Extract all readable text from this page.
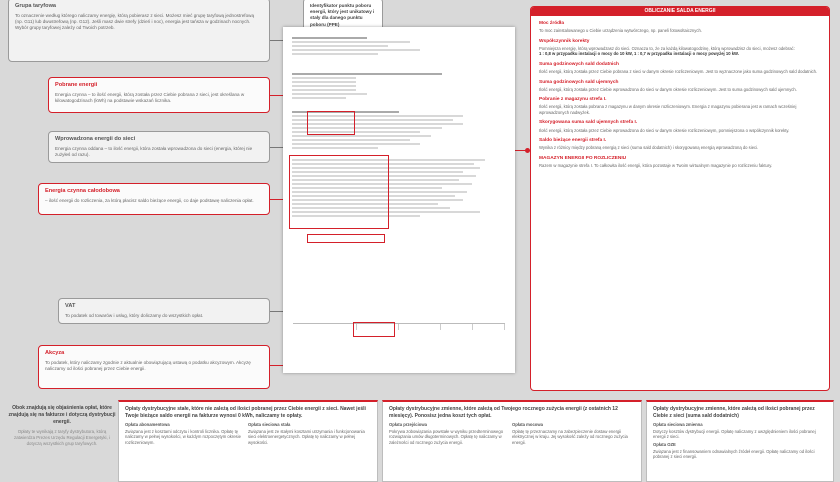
Grupa taryfowa
To oznaczenie według którego naliczamy energię, którą pobierasz z sieci. Możesz mieć grupę taryfową jednostrefową (np. G11) lub dwustrefową (np. G12). Jeśli masz dwie strefy (dzień i noc), energia jest tańsza w godzinach nocnych. Wybór grupy taryfowej zależy od Twoich potrzeb.
Pobrane energii
Energia czynna – to ilość energii, którą została przez Ciebie pobrana z sieci, jest określana w kilowatogodzinach (kWh) na podstawie wskazań licznika.
Wprowadzona energii do sieci
Energia czynna oddana – to ilość energii, która została wprowadzona do sieci (energia, której nie zużyłeś od razu).
Energia czynna całodobowa
– ilość energii do rozliczenia, za którą płacisz saldo bieżące energii, co daje podstawę naliczenia opłat.
VAT
To podatek od towarów i usług, który doliczamy do wszystkich opłat.
Akcyza
To podatek, który naliczamy zgodnie z aktualnie obowiązującą ustawą o podatku akcyzowym. Akcyzę naliczamy od ilości pobranej przez Ciebie energii.
Identyfikator punktu poboru energii, który jest unikatowy i stały dla danego punktu poboru (PPE)
OBLICZANIE SALDA ENERGII
Moc źródła
To moc zainstalowanego u Ciebie urządzenia wytwórczego, np. paneli fotowoltaicznych.
Współczynnik korekty
Pomniejsza energię, którą wprowadzasz do sieci. Oznacza to, że za każdą kilowatogodzinę, którą wprowadzisz do sieci, możesz odebrać:
1 : 0,8 w przypadku instalacji o mocy do 10 kW, 1 : 0,7 w przypadku instalacji o mocy powyżej 10 kW.
Suma godzinowych sald dodatnich
Ilość energii, którą została przez Ciebie pobrana z sieci w danym okresie rozliczeniowym. Jest to wyznaczone jako suma godzinowych sald dodatnich.
Suma godzinowych sald ujemnych
Ilość energii, którą została przez Ciebie wprowadzona do sieci w danym okresie rozliczeniowym. Jest to suma godzinowych sald ujemnych.
Pobranie z magazynu strefa I.
Ilość energii, którą została pobrana z magazynu w danym okresie rozliczeniowym. Energia z magazynu pobierana jest w ramach wcześniej wprowadzonych nadwyżek.
Skorygowana suma sald ujemnych strefa I.
Ilość energii, którą została przez Ciebie wprowadzona do sieci w danym okresie rozliczeniowym, pomniejszona o współczynnik korekty.
Saldo bieżące energii strefa I.
Wynika z różnicy między pobraną energią z sieci (suma sald dodatnich) i skorygowaną energią wprowadzoną do sieci.
MAGAZYN ENERGII PO ROZLICZENIU
Razem w magazynie strefa I. To całkowita ilość energii, która pozostaje w Twoim wirtualnym magazynie po rozliczeniu faktury.
Obok znajdują się objaśnienia opłat, które znajdują się na fakturze i dotyczą dystrybucji energii.
Opłaty te wynikają z taryfy dystrybutora, którą zatwierdza Prezes Urzędu Regulacji Energetyki, i dotyczą wszystkich grup taryfowych.
Opłaty dystrybucyjne stałe, które nie zależą od ilości pobranej przez Ciebie energii z sieci. Nawet jeśli Twoje bieżące saldo energii na fakturze wynosi 0 kWh, naliczamy te opłaty.
Opłata abonamentowa
Związana jest z kosztami odczytu i kontroli licznika. Opłatę tę naliczamy w pełnej wysokości, w każdym rozpoczętym okresie rozliczeniowym.
Opłata sieciowa stała
Związana jest ze stałymi kosztami utrzymania i funkcjonowania sieci elektroenergetycznych. Opłatę tę naliczamy w pełnej wysokości.
Opłaty dystrybucyjne zmienne, które zależą od Twojego rocznego zużycia energii (z ostatnich 12 miesięcy). Ponosisz jedna koszt tych opłat.
Opłata przejściowa
Pokrywa zobowiązania powstałe w wyniku przedterminowego rozwiązania umów długoterminowych. Opłatę tę naliczamy w zależności od rocznego zużycia energii.
Opłata mocowa
Opłatę tę przeznaczamy na zabezpieczenie dostaw energii elektrycznej w kraju. Jej wysokość zależy od rocznego zużycia energii.
Opłaty dystrybucyjne zmienne, które zależą od ilości pobranej przez Ciebie z sieci (suma sald dodatnich)
Opłata sieciowa zmienna
Dotyczy kosztów dystrybucji energii. Opłatę naliczamy z uwzględnieniem ilości pobranej energii z sieci.

Opłata OZE
Związana jest z finansowaniem odnawialnych źródeł energii. Opłatę naliczamy od ilości pobranej z sieci energii.
